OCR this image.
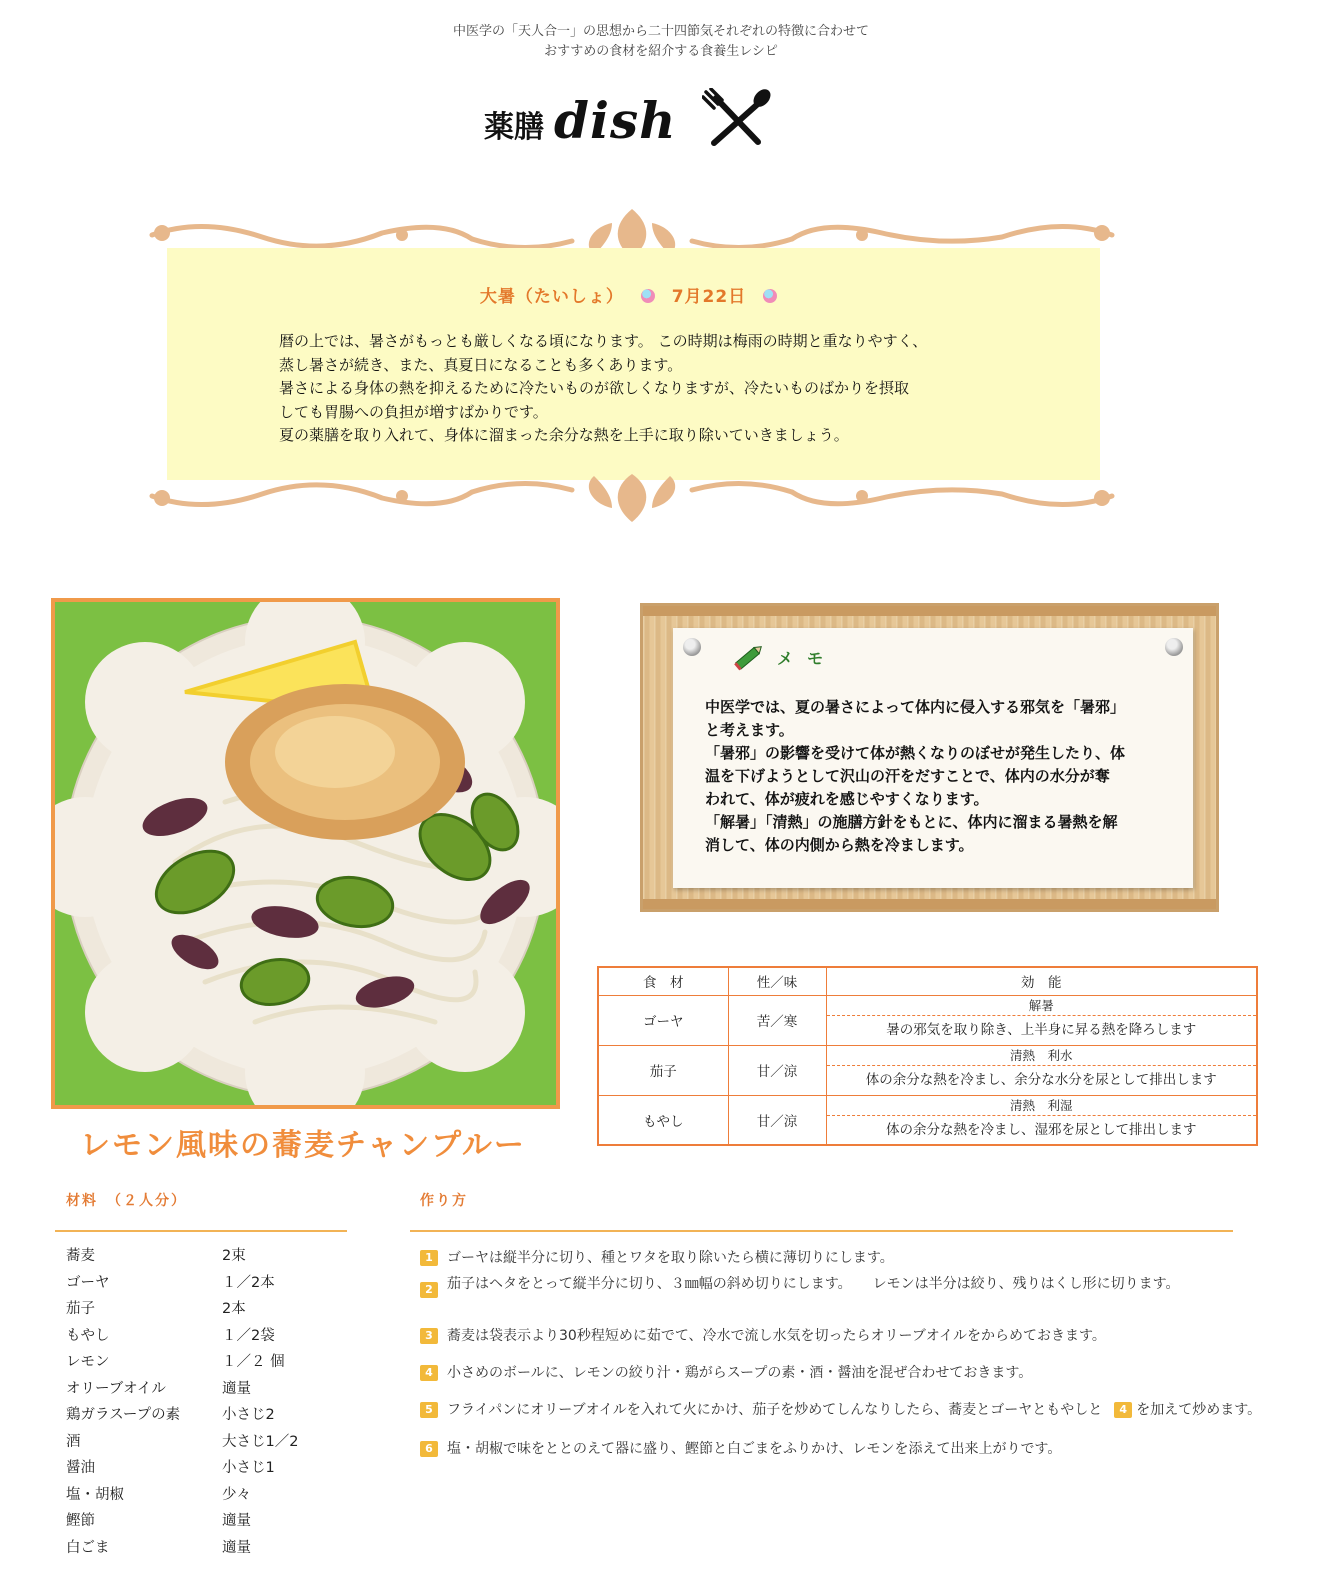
中医学の「天人合一」の思想から二十四節気それぞれの特徴に合わせて
おすすめの食材を紹介する食養生レシピ
薬膳 dish
大暑（たいしょ）	7月22日

暦の上では、暑さがもっとも厳しくなる頃になります。 この時期は梅雨の時期と重なりやすく、

蒸し暑さが続き、また、真夏日になることも多くあります。

暑さによる身体の熱を抑えるために冷たいものが欲しくなりますが、冷たいものばかりを摂取

しても胃腸への負担が増すばかりです。

夏の薬膳を取り入れて、身体に溜まった余分な熱を上手に取り除いていきましょう。

レモン風味の蕎麦チャンプルー
メモ

中医学では、夏の暑さによって体内に侵入する邪気を「暑邪」

と考えます。

「暑邪」の影響を受けて体が熱くなりのぼせが発生したり、体

温を下げようとして沢山の汗をだすことで、体内の水分が奪

われて、体が疲れを感じやすくなります。

「解暑」「清熱」の施膳方針をもとに、体内に溜まる暑熱を解

消して、体の内側から熱を冷まします。

食　材	性／味	効　能
ゴーヤ	苦／寒	解暑
暑の邪気を取り除き、上半身に昇る熱を降ろします

茄子	甘／涼	清熱　利水
体の余分な熱を冷まし、余分な水分を尿として排出します

もやし	甘／涼	清熱　利湿
体の余分な熱を冷まし、湿邪を尿として排出します
材料　（２人分）
蕎麦	2束
ゴーヤ	１／2本
茄子	2本
もやし	１／2袋
レモン	１／２ 個
オリーブオイル	適量
鶏ガラスープの素	小さじ2
酒	大さじ1／2
醤油	小さじ1
塩・胡椒	少々
鰹節	適量
白ごま	適量
作り方
1	ゴーヤは縦半分に切り、種とワタを取り除いたら横に薄切りにします。
2	茄子はヘタをとって縦半分に切り、３㎜幅の斜め切りにします。　　レモンは半分は絞り、残りはくし形に切ります。
3	蕎麦は袋表示より30秒程短めに茹でて、冷水で流し水気を切ったらオリーブオイルをからめておきます。
4	小さめのボールに、レモンの絞り汁・鶏がらスープの素・酒・醤油を混ぜ合わせておきます。
5	フライパンにオリーブオイルを入れて火にかけ、茄子を炒めてしんなりしたら、蕎麦とゴーヤともやしと	4 を加えて炒めます。
6	塩・胡椒で味をととのえて器に盛り、鰹節と白ごまをふりかけ、レモンを添えて出来上がりです。
